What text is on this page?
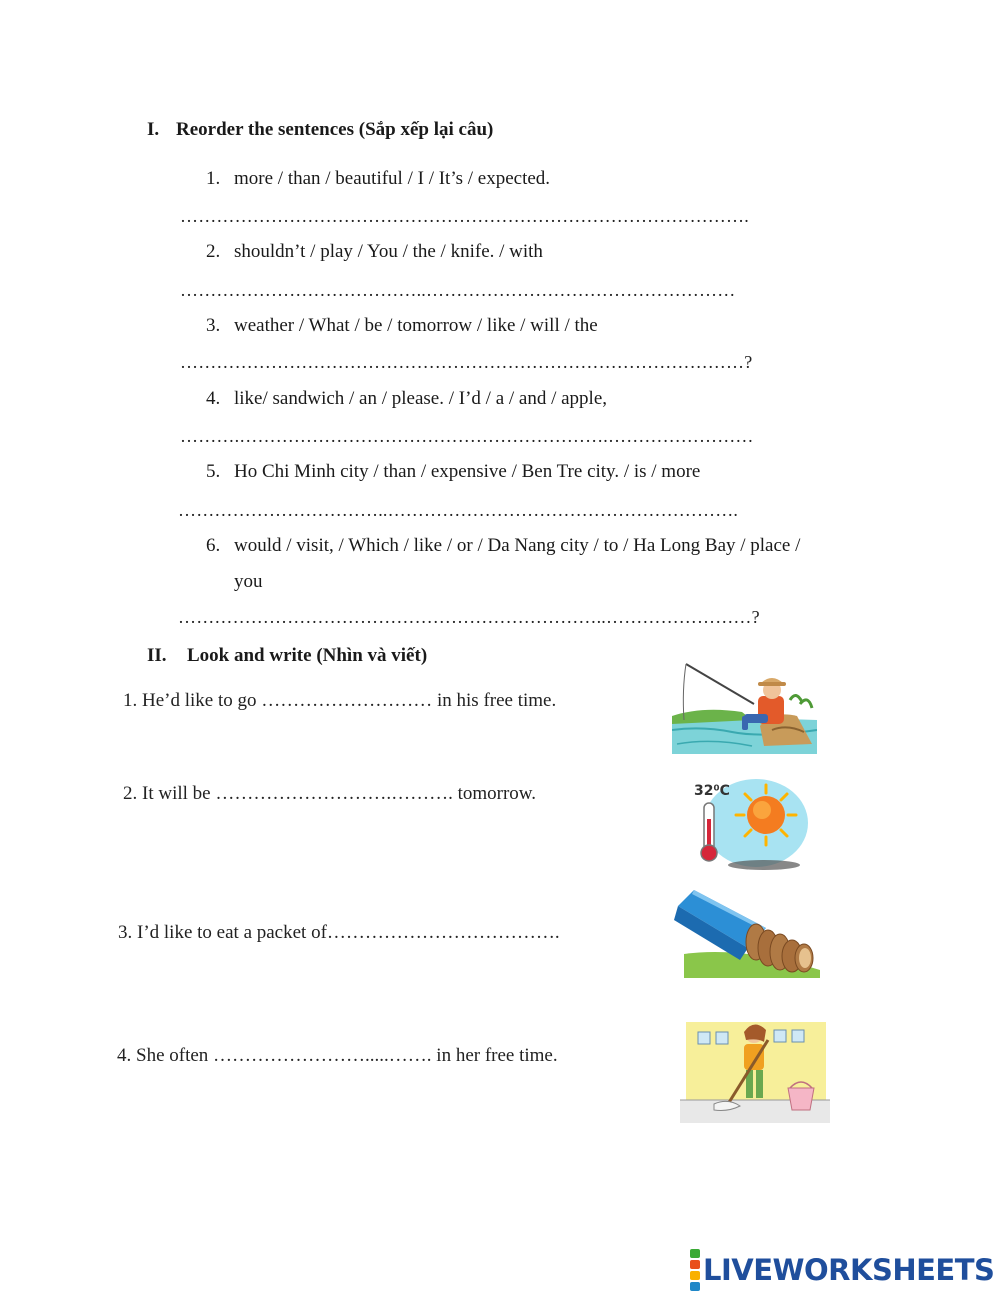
I. Reorder the sentences (Sắp xếp lại câu)
1. more / than / beautiful / I / It’s / expected.
………………………………………………………………………………….
2. shouldn’t / play / You / the / knife. / with
…………………………………..……………………………………………
3. weather / What / be / tomorrow / like / will / the
…………………………………………………………………………………?
4. like/ sandwich / an / please. / I’d / a / and / apple,
……….…………………………………………………….……………………
5. Ho Chi Minh city / than / expensive / Ben Tre city. / is / more
……………………………..………………………………………………….
6. would / visit, / Which / like / or / Da Nang city / to / Ha Long Bay / place /
you
……………………………………………………………..……………………?
II. Look and write (Nhìn và viết)
1. He’d like to go ……………………… in his free time.
2. It will be ……………………….………. tomorrow.
3. I’d like to eat a packet of……………………………….
4. She often …………………….....……. in her free time.
32⁰C
LIVEWORKSHEETS
